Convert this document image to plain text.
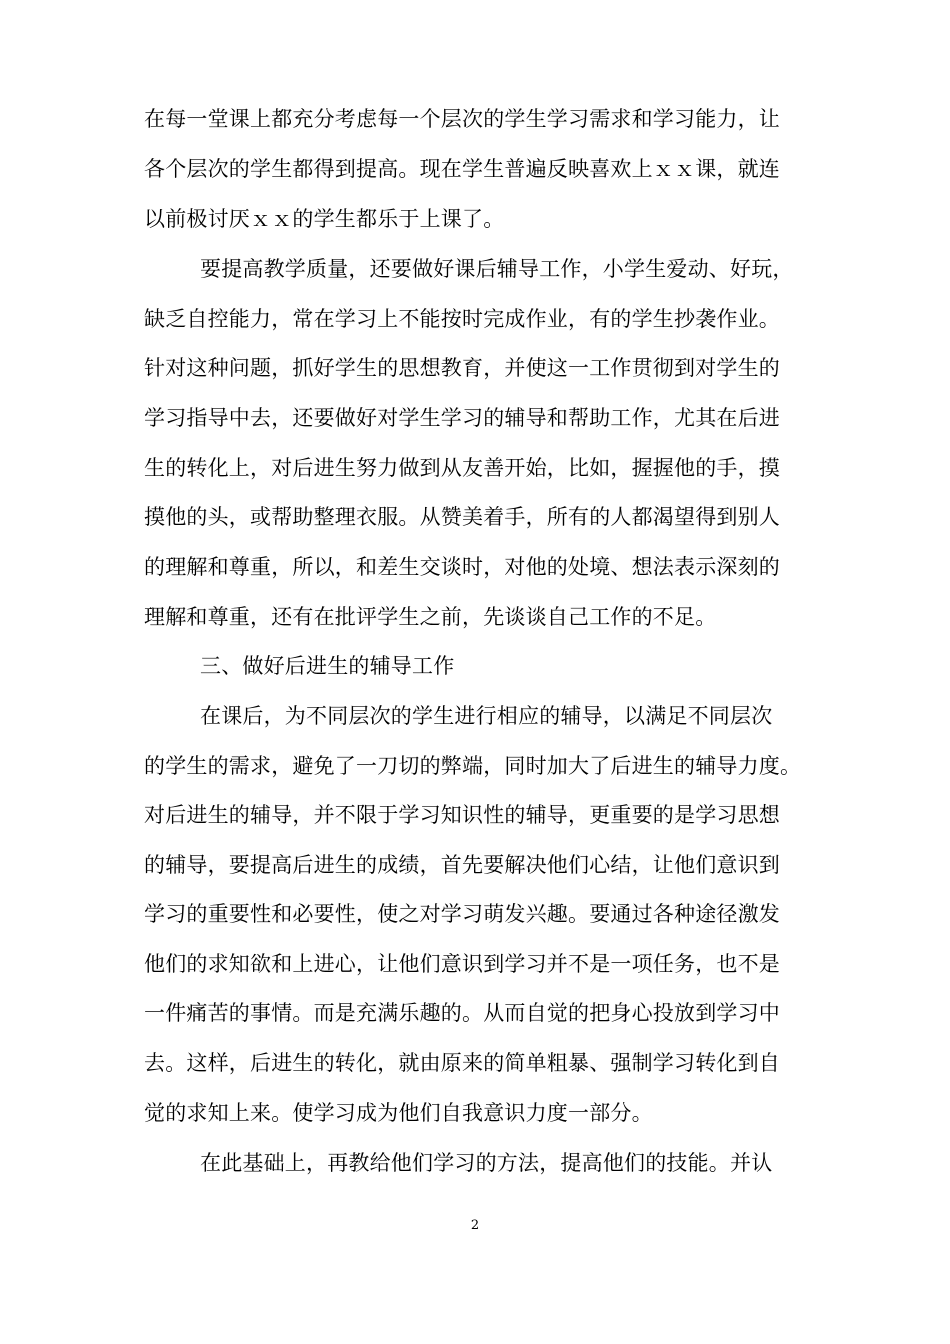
在每一堂课上都充分考虑每一个层次的学生学习需求和学习能力，让
各个层次的学生都得到提高。现在学生普遍反映喜欢上ｘｘ课，就连
以前极讨厌ｘｘ的学生都乐于上课了。
要提高教学质量，还要做好课后辅导工作，小学生爱动、好玩，
缺乏自控能力，常在学习上不能按时完成作业，有的学生抄袭作业。
针对这种问题，抓好学生的思想教育，并使这一工作贯彻到对学生的
学习指导中去，还要做好对学生学习的辅导和帮助工作，尤其在后进
生的转化上，对后进生努力做到从友善开始，比如，握握他的手，摸
摸他的头，或帮助整理衣服。从赞美着手，所有的人都渴望得到别人
的理解和尊重，所以，和差生交谈时，对他的处境、想法表示深刻的
理解和尊重，还有在批评学生之前，先谈谈自己工作的不足。
三、做好后进生的辅导工作
在课后，为不同层次的学生进行相应的辅导，以满足不同层次
的学生的需求，避免了一刀切的弊端，同时加大了后进生的辅导力度。
对后进生的辅导，并不限于学习知识性的辅导，更重要的是学习思想
的辅导，要提高后进生的成绩，首先要解决他们心结，让他们意识到
学习的重要性和必要性，使之对学习萌发兴趣。要通过各种途径激发
他们的求知欲和上进心，让他们意识到学习并不是一项任务，也不是
一件痛苦的事情。而是充满乐趣的。从而自觉的把身心投放到学习中
去。这样，后进生的转化，就由原来的简单粗暴、强制学习转化到自
觉的求知上来。使学习成为他们自我意识力度一部分。
在此基础上，再教给他们学习的方法，提高他们的技能。并认
2
